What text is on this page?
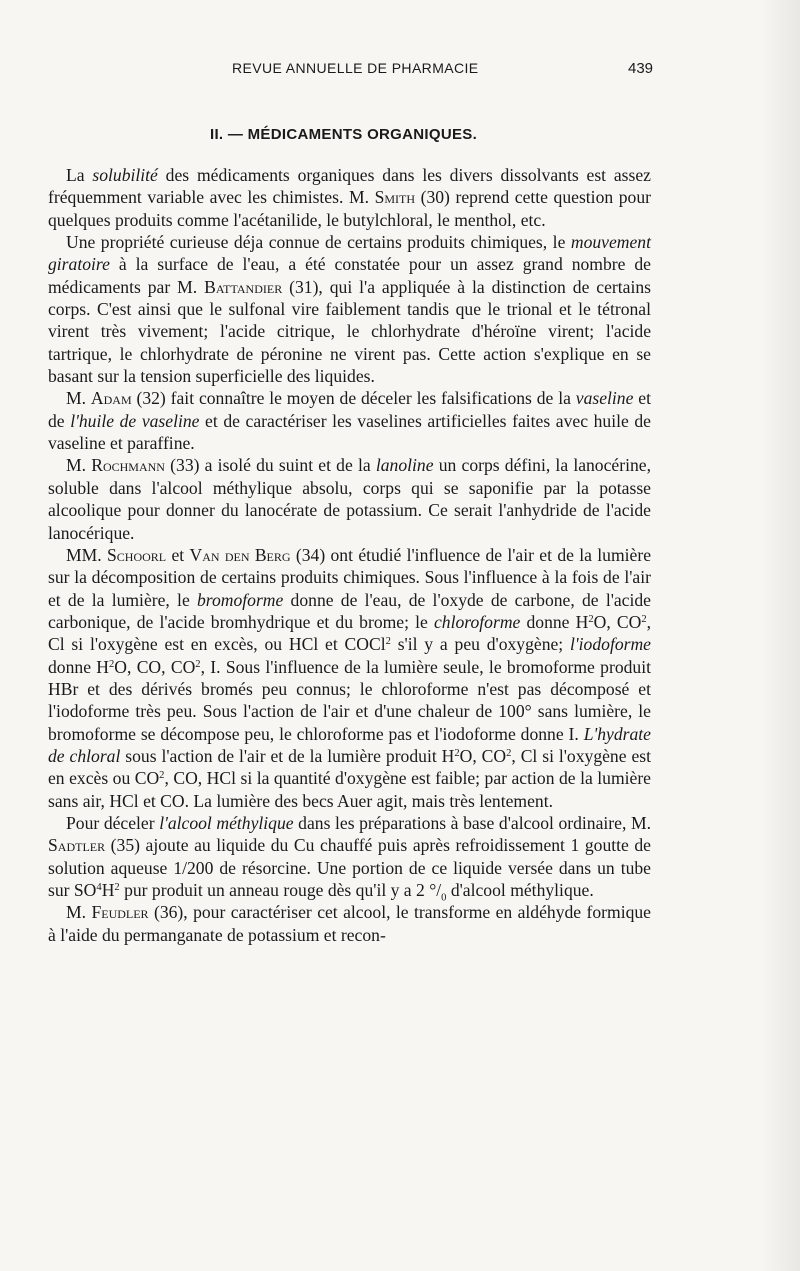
REVUE ANNUELLE DE PHARMACIE	439
II. — MÉDICAMENTS ORGANIQUES.

La solubilité des médicaments organiques dans les divers dissolvants est assez fréquemment variable avec les chimistes. M. Smith (30) reprend cette question pour quelques produits comme l'acétanilide, le butylchloral, le menthol, etc.

Une propriété curieuse déja connue de certains produits chimiques, le mouvement giratoire à la surface de l'eau, a été constatée pour un assez grand nombre de médicaments par M. Battandier (31), qui l'a appliquée à la distinction de certains corps. C'est ainsi que le sulfonal vire faiblement tandis que le trional et le tétronal virent très vivement; l'acide citrique, le chlorhydrate d'héroïne virent; l'acide tartrique, le chlorhydrate de péronine ne virent pas. Cette action s'explique en se basant sur la tension superficielle des liquides.

M. Adam (32) fait connaître le moyen de déceler les falsifications de la vaseline et de l'huile de vaseline et de caractériser les vaselines artificielles faites avec huile de vaseline et paraffine.

M. Rochmann (33) a isolé du suint et de la lanoline un corps défini, la lanocérine, soluble dans l'alcool méthylique absolu, corps qui se saponifie par la potasse alcoolique pour donner du lanocérate de potassium. Ce serait l'anhydride de l'acide lanocérique.

MM. Schoorl et Van den Berg (34) ont étudié l'influence de l'air et de la lumière sur la décomposition de certains produits chimiques. Sous l'influence à la fois de l'air et de la lumière, le bromoforme donne de l'eau, de l'oxyde de carbone, de l'acide carbonique, de l'acide bromhydrique et du brome; le chloroforme donne $H^2O$, $CO^2$, Cl si l'oxygène est en excès, ou HCl et COCl$^2$ s'il y a peu d'oxygène; l'iodoforme donne $H^2O$, CO, $CO^2$, I. Sous l'influence de la lumière seule, le bromoforme produit HBr et des dérivés bromés peu connus; le chloroforme n'est pas décomposé et l'iodoforme très peu. Sous l'action de l'air et d'une chaleur de 100° sans lumière, le bromoforme se décompose peu, le chloroforme pas et l'iodoforme donne I. L'hydrate de chloral sous l'action de l'air et de la lumière produit $H^2O$, $CO^2$, Cl si l'oxygène est en excès ou $CO^2$, CO, HCl si la quantité d'oxygène est faible; par action de la lumière sans air, HCl et CO. La lumière des becs Auer agit, mais très lentement.

Pour déceler l'alcool méthylique dans les préparations à base d'alcool ordinaire, M. Sadtler (35) ajoute au liquide du Cu chauffé puis après refroidissement 1 goutte de solution aqueuse 1/200 de résorcine. Une portion de ce liquide versée dans un tube sur $SO^4H^2$ pur produit un anneau rouge dès qu'il y a 2 $^\circ/_0$ d'alcool méthylique.

M. Feudler (36), pour caractériser cet alcool, le transforme en aldéhyde formique à l'aide du permanganate de potassium et recon-
